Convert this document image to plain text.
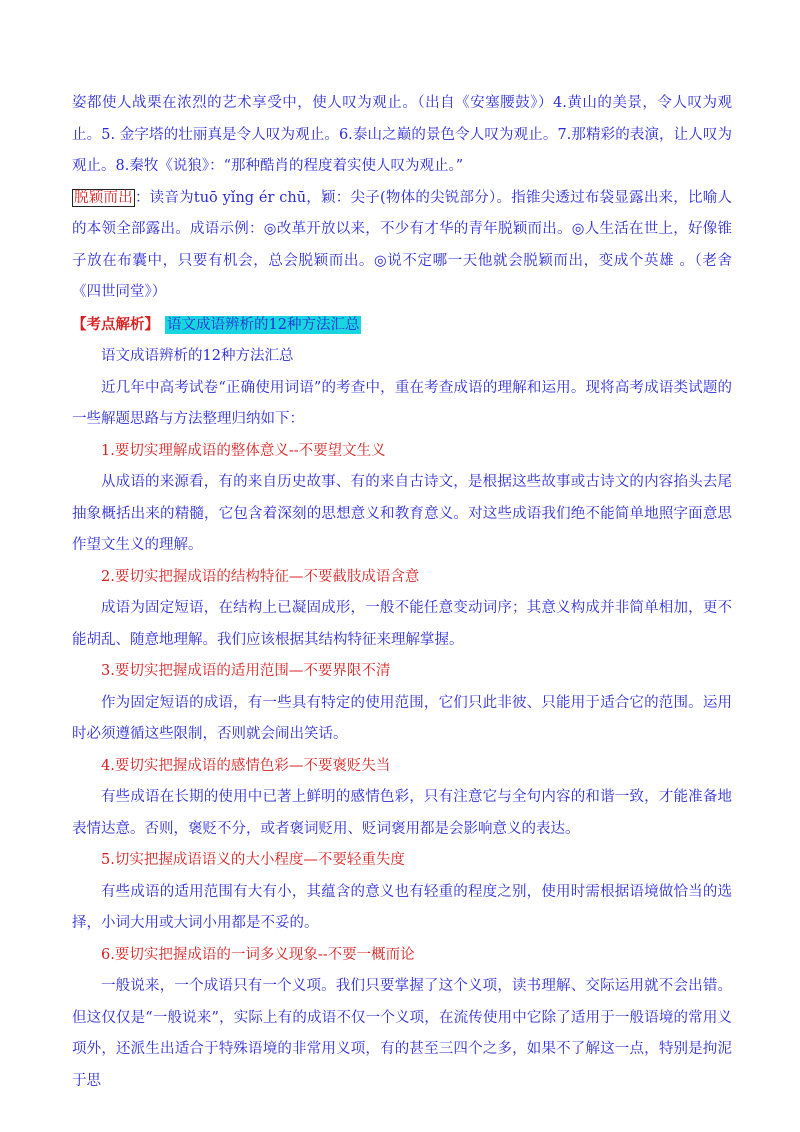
姿都使人战栗在浓烈的艺术享受中，使人叹为观止。（出自《安塞腰鼓》）4.黄山的美景，令人叹为观止。5. 金字塔的壮丽真是令人叹为观止。6.泰山之巅的景色令人叹为观止。7.那精彩的表演，让人叹为观止。8.秦牧《说狼》：“那种酷肖的程度着实使人叹为观止。”

脱颖而出 ：读音为tuō yǐng ér chū，颖：尖子(物体的尖锐部分）。指锥尖透过布袋显露出来，比喻人的本领全部露出。成语示例：◎改革开放以来，不少有才华的青年脱颖而出。◎人生活在世上，好像锥子放在布囊中，只要有机会，总会脱颖而出。◎说不定哪一天他就会脱颖而出，变成个英雄 。（老舍《四世同堂》）

【考点解析】 语文成语辨析的12种方法汇总

语文成语辨析的12种方法汇总

近几年中高考试卷“正确使用词语”的考查中，重在考查成语的理解和运用。现将高考成语类试题的一些解题思路与方法整理归纳如下：

1.要切实理解成语的整体意义--不要望文生义

从成语的来源看，有的来自历史故事、有的来自古诗文，是根据这些故事或古诗文的内容掐头去尾抽象概括出来的精髓，它包含着深刻的思想意义和教育意义。对这些成语我们绝不能简单地照字面意思作望文生义的理解。

2.要切实把握成语的结构特征—不要截肢成语含意

成语为固定短语，在结构上已凝固成形，一般不能任意变动词序；其意义构成并非简单相加，更不能胡乱、随意地理解。我们应该根据其结构特征来理解掌握。

3.要切实把握成语的适用范围—不要界限不清

作为固定短语的成语，有一些具有特定的使用范围，它们只此非彼、只能用于适合它的范围。运用时必须遵循这些限制，否则就会闹出笑话。

4.要切实把握成语的感情色彩—不要褒贬失当

有些成语在长期的使用中已著上鲜明的感情色彩，只有注意它与全句内容的和谐一致，才能准备地表情达意。否则，褒贬不分，或者褒词贬用、贬词褒用都是会影响意义的表达。

5.切实把握成语语义的大小程度—不要轻重失度

有些成语的适用范围有大有小，其蕴含的意义也有轻重的程度之别，使用时需根据语境做恰当的选择，小词大用或大词小用都是不妥的。

6.要切实把握成语的一词多义现象--不要一概而论

一般说来，一个成语只有一个义项。我们只要掌握了这个义项，读书理解、交际运用就不会出错。但这仅仅是“一般说来”，实际上有的成语不仅一个义项，在流传使用中它除了适用于一般语境的常用义项外，还派生出适合于特殊语境的非常用义项，有的甚至三四个之多，如果不了解这一点，特别是拘泥于思
